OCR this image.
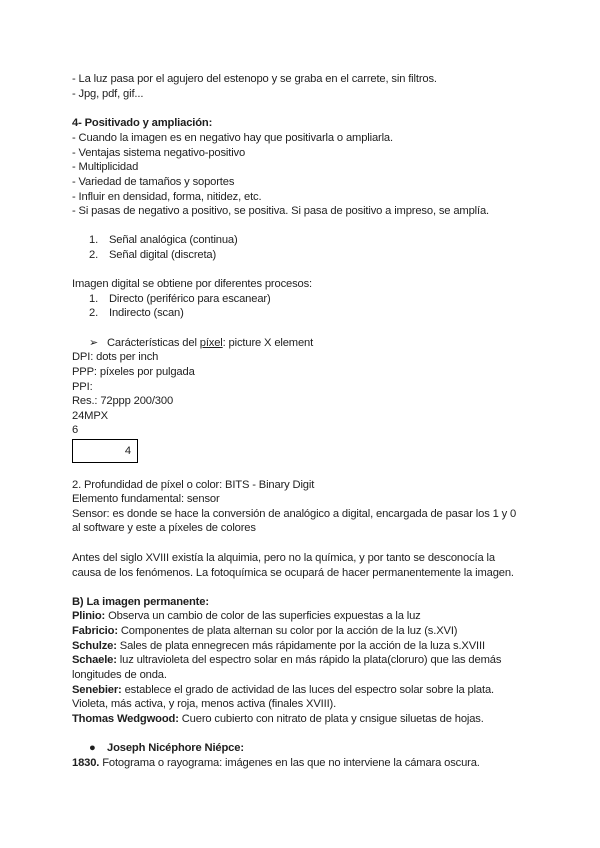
- La luz pasa por el agujero del estenopo y se graba en el carrete, sin filtros.
- Jpg, pdf, gif...
4- Positivado y ampliación:
- Cuando la imagen es en negativo hay que positivarla o ampliarla.
- Ventajas sistema negativo-positivo
- Multiplicidad
- Variedad de tamaños y soportes
- Influir en densidad, forma, nitidez, etc.
- Si pasas de negativo a positivo, se positiva. Si pasa de positivo a impreso, se amplía.
1. Señal analógica (continua)
2. Señal digital (discreta)
Imagen digital se obtiene por diferentes procesos:
1. Directo (periférico para escanear)
2. Indirecto (scan)
➢ Carácterísticas del píxel: picture X element
DPI: dots per inch
PPP: píxeles por pulgada
PPI:
Res.: 72ppp 200/300
24MPX
6
4
2. Profundidad de píxel o color: BITS - Binary Digit
Elemento fundamental: sensor
Sensor: es donde se hace la conversión de analógico a digital, encargada de pasar los 1 y 0
al software y este a píxeles de colores
Antes del siglo XVIII existía la alquimia, pero no la química, y por tanto se desconocía la
causa de los fenómenos. La fotoquímica se ocupará de hacer permanentemente la imagen.
B) La imagen permanente:
Plinio: Observa un cambio de color de las superficies expuestas a la luz
Fabricio: Componentes de plata alternan su color por la acción de la luz (s.XVI)
Schulze: Sales de plata ennegrecen más rápidamente por la acción de la luza s.XVIII
Schaele: luz ultravioleta del espectro solar en más rápido la plata(cloruro) que las demás
longitudes de onda.
Senebier: establece el grado de actividad de las luces del espectro solar sobre la plata.
Violeta, más activa, y roja, menos activa (finales XVIII).
Thomas Wedgwood: Cuero cubierto con nitrato de plata y cnsigue siluetas de hojas.
● Joseph Nicéphore Niépce:
1830. Fotograma o rayograma: imágenes en las que no interviene la cámara oscura.
